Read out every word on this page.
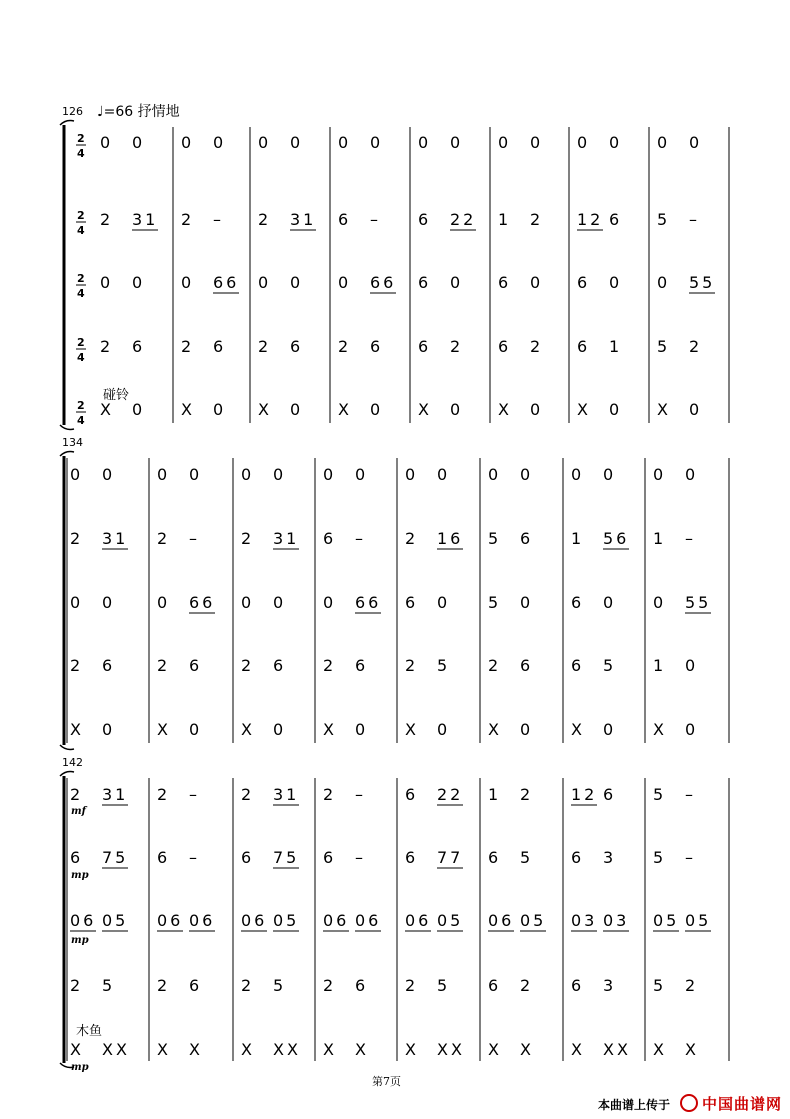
126
134
142
♩=66 抒情地
碰铃
木鱼
mf
mp
mp
mp
2
4
0 0 0 0 0 0 0 0 0 0 0 0 0 0 0 0
2
4
2 31 2 – 2 31 6 – 6 22 1 2 12 6 5 –
2
4
0 0 0 66 0 0 0 66 6 0 6 0 6 0 0 55
2
4
2 6 2 6 2 6 2 6 6 2 6 2 6 1 5 2
2
4
X 0 X 0 X 0 X 0 X 0 X 0 X 0 X 0
0 0	0 0 0 0 0 0 0 0 0 0 0 0 0 0
2 31 2 –	2 31 6 – 2 16 5 6 1 56 1 –
0 0	0 66 0 0 0 66 6 0 5 0 6 0 0 55
2 6	2 6 2 6 2 6 2 5 2 6 6 5 1 0
X 0	X 0 X 0 X 0 X 0 X 0 X 0 X 0
2 31 2 –	2 31 2 – 6 22 1 2 12 6 5 –
6 75 6 –	6 75 6 – 6 77 6 5 6 3 5 –
06 05 06 06 06 05 06 06 06 05 06 05 03 03 05 05
2 5	2 6 2 5 2 6 2 5 6 2 6 3 5 2
X XX X X X XX X X X XX X X X XX X X
第7页
本曲谱上传于 中国曲谱网
